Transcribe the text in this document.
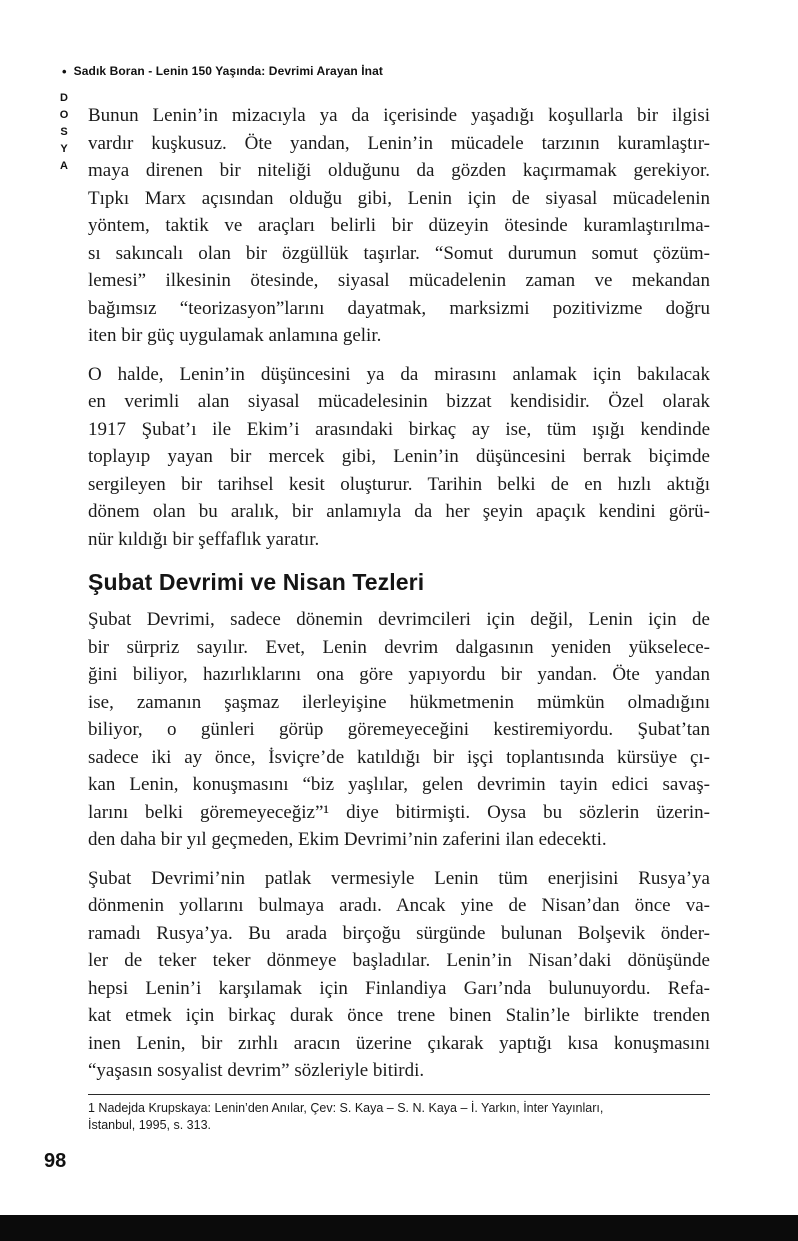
• Sadık Boran - Lenin 150 Yaşında: Devrimi Arayan İnat
D
O
S
Y
A
Bunun Lenin’in mizacıyla ya da içerisinde yaşadığı koşullarla bir ilgisi
vardır kuşkusuz. Öte yandan, Lenin’in mücadele tarzının kuramlaştır-
maya direnen bir niteliği olduğunu da gözden kaçırmamak gerekiyor.
Tıpkı Marx açısından olduğu gibi, Lenin için de siyasal mücadelenin
yöntem, taktik ve araçları belirli bir düzeyin ötesinde kuramlaştırılma-
sı sakıncalı olan bir özgüllük taşırlar. “Somut durumun somut çözüm-
lemesi” ilkesinin ötesinde, siyasal mücadelenin zaman ve mekandan
bağımsız “teorizasyon”larını dayatmak, marksizmi pozitivizme doğru
iten bir güç uygulamak anlamına gelir.
O halde, Lenin’in düşüncesini ya da mirasını anlamak için bakılacak
en verimli alan siyasal mücadelesinin bizzat kendisidir. Özel olarak
1917 Şubat’ı ile Ekim’i arasındaki birkaç ay ise, tüm ışığı kendinde
toplayıp yayan bir mercek gibi, Lenin’in düşüncesini berrak biçimde
sergileyen bir tarihsel kesit oluşturur. Tarihin belki de en hızlı aktığı
dönem olan bu aralık, bir anlamıyla da her şeyin apaçık kendini görü-
nür kıldığı bir şeffaflık yaratır.
Şubat Devrimi ve Nisan Tezleri
Şubat Devrimi, sadece dönemin devrimcileri için değil, Lenin için de
bir sürpriz sayılır. Evet, Lenin devrim dalgasının yeniden yükselece-
ğini biliyor, hazırlıklarını ona göre yapıyordu bir yandan. Öte yandan
ise, zamanın şaşmaz ilerleyişine hükmetmenin mümkün olmadığını
biliyor, o günleri görüp göremeyeceğini kestiremiyordu. Şubat’tan
sadece iki ay önce, İsviçre’de katıldığı bir işçi toplantısında kürsüye çı-
kan Lenin, konuşmasını “biz yaşlılar, gelen devrimin tayin edici savaş-
larını belki göremeyeceğiz”¹ diye bitirmişti. Oysa bu sözlerin üzerin-
den daha bir yıl geçmeden, Ekim Devrimi’nin zaferini ilan edecekti.
Şubat Devrimi’nin patlak vermesiyle Lenin tüm enerjisini Rusya’ya
dönmenin yollarını bulmaya aradı. Ancak yine de Nisan’dan önce va-
ramadı Rusya’ya. Bu arada birçoğu sürgünde bulunan Bolşevik önder-
ler de teker teker dönmeye başladılar. Lenin’in Nisan’daki dönüşünde
hepsi Lenin’i karşılamak için Finlandiya Garı’nda bulunuyordu. Refa-
kat etmek için birkaç durak önce trene binen Stalin’le birlikte trenden
inen Lenin, bir zırhlı aracın üzerine çıkarak yaptığı kısa konuşmasını
“yaşasın sosyalist devrim” sözleriyle bitirdi.
1 Nadejda Krupskaya: Lenin’den Anılar, Çev: S. Kaya – S. N. Kaya – İ. Yarkın, İnter Yayınları,
İstanbul, 1995, s. 313.
98
